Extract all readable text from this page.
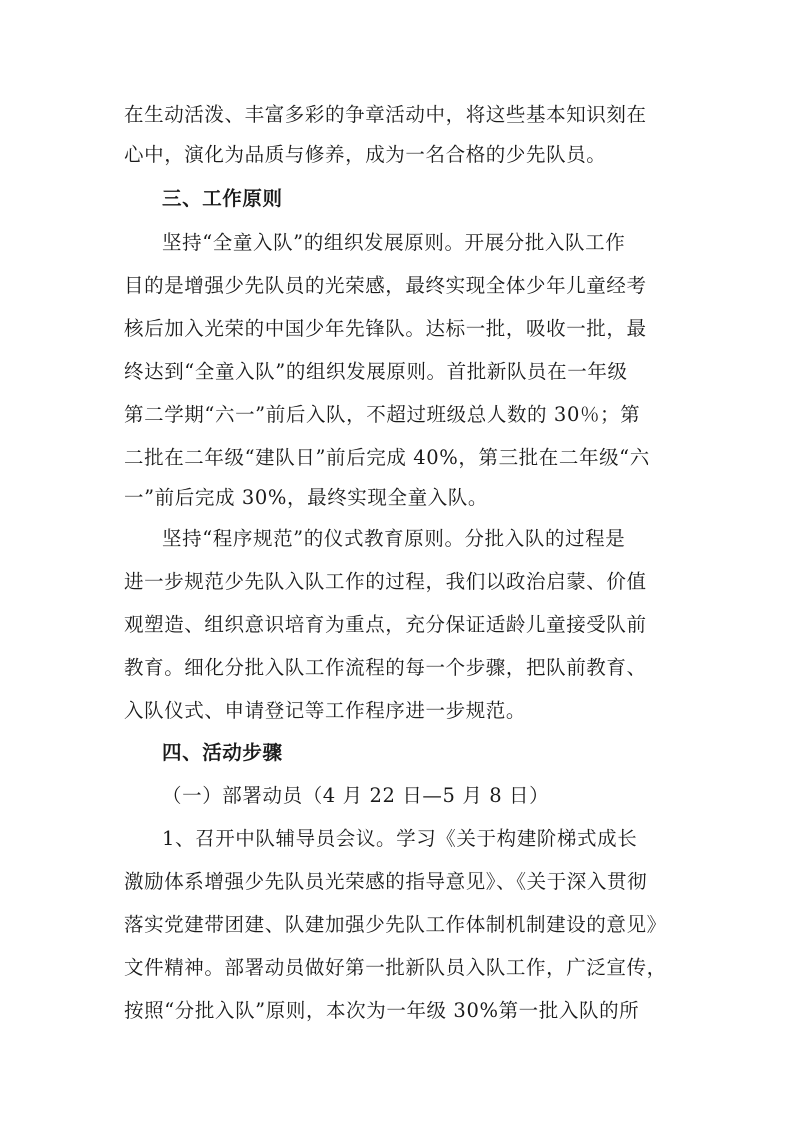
在生动活泼、丰富多彩的争章活动中，将这些基本知识刻在
心中，演化为品质与修养，成为一名合格的少先队员。
三、工作原则
坚持“全童入队”的组织发展原则。开展分批入队工作
目的是增强少先队员的光荣感，最终实现全体少年儿童经考
核后加入光荣的中国少年先锋队。达标一批，吸收一批，最
终达到“全童入队”的组织发展原则。首批新队员在一年级
第二学期“六一”前后入队，不超过班级总人数的 30％；第
二批在二年级“建队日”前后完成 40%，第三批在二年级“六
一”前后完成 30%，最终实现全童入队。
坚持“程序规范”的仪式教育原则。分批入队的过程是
进一步规范少先队入队工作的过程，我们以政治启蒙、价值
观塑造、组织意识培育为重点，充分保证适龄儿童接受队前
教育。细化分批入队工作流程的每一个步骤，把队前教育、
入队仪式、申请登记等工作程序进一步规范。
四、活动步骤
（一）部署动员（4 月 22 日—5 月 8 日）
1、召开中队辅导员会议。学习《关于构建阶梯式成长
激励体系增强少先队员光荣感的指导意见》、《关于深入贯彻
落实党建带团建、队建加强少先队工作体制机制建设的意见》
文件精神。部署动员做好第一批新队员入队工作，广泛宣传，
按照“分批入队”原则，本次为一年级 30%第一批入队的所
